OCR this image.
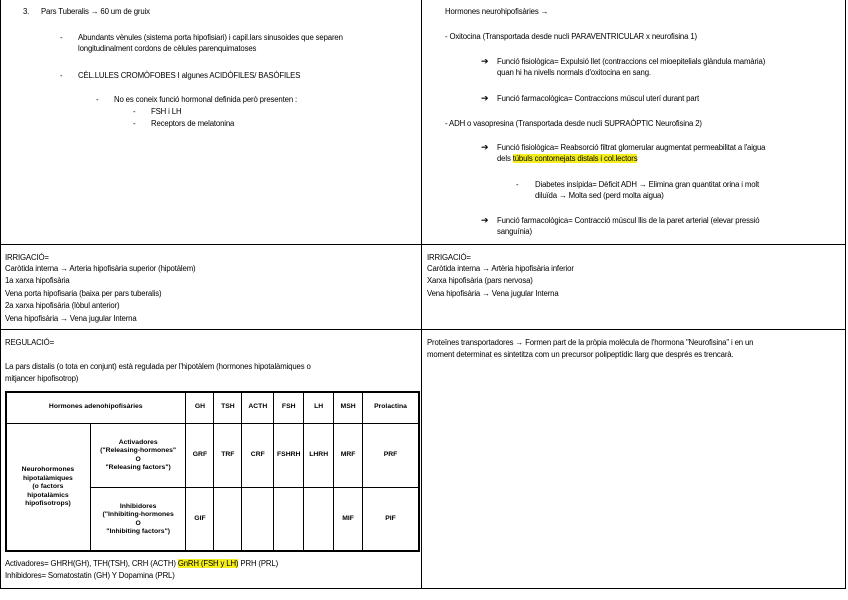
3. Pars Tuberalis → 60 um de gruix
- Abundants vènules (sistema porta hipofisiari) i capil.lars sinusoides que separen
longitudinalment cordons de cèlules parenquimatoses
- CÈL.LULES CROMÒFOBES I algunes ACIDÒFILES/ BASÒFILES
- No es coneix funció hormonal definida però presenten :
- FSH i LH
- Receptors de melatonina
Hormones neurohipofisàries →
- Oxitocina (Transportada desde nucli PARAVENTRICULAR x neurofisina 1)
➔ Funció fisiològica= Expulsió llet (contraccions cel mioepitelials glàndula mamària)
quan hi ha nivells normals d'oxitocina en sang.
➔ Funció farmacològica= Contraccions múscul uterí durant part
- ADH o vasopresina (Transportada desde nucli SUPRAÒPTIC Neurofisina 2)
➔ Funció fisiològica= Reabsorció filtrat glomerular augmentat permeabilitat a l'aigua
dels túbuls contornejats distals i col.lectors
- Diabetes insípida= Dèficit ADH → Elimina gran quantitat orina i molt
diluïda → Molta sed (perd molta aigua)
➔ Funció farmacològica= Contracció múscul llis de la paret arterial (elevar pressió
sanguínia)
IRRIGACIÓ=
Caròtida interna → Arteria hipofisària superior (hipotàlem)
1a xarxa hipofisària
Vena porta hipofisaria (baixa per pars tuberalis)
2a xarxa hipofisària (lòbul anterior)
Vena hipofisària → Vena jugular Interna
IRRIGACIÓ=
Caròtida interna → Artèria hipofisària inferior
Xarxa hipofisària (pars nervosa)
Vena hipofisària → Vena jugular Interna
REGULACIÓ=
La pars distalis (o tota en conjunt) està regulada per l'hipotàlem (hormones hipotalàmiques o
mitjancer hipofisotrop)
Hormones adenohipofisàries		GH	TSH	ACTH	FSH	LH	MSH	Prolactina
Neurohormones
hipotalàmiques
(o factors
hipotalàmics
hipofisotrops)	Activadores
("Releasing-hormones"
O
"Releasing factors")	GRF	TRF	CRF	FSHRH	LHRH	MRF	PRF
	Inhibidores
("Inhibiting-hormones
O
"Inhibiting factors")	GIF					MIF	PIF
Activadores= GHRH(GH), TFH(TSH), CRH (ACTH) GnRH (FSH y LH) PRH (PRL)
Inhibidores= Somatostatin (GH) Y Dopamina (PRL)
Proteïnes transportadores → Formen part de la pròpia molècula de l'hormona "Neurofisina" i en un
moment determinat es sintetitza com un precursor polipeptídic llarg que després es trencarà.
